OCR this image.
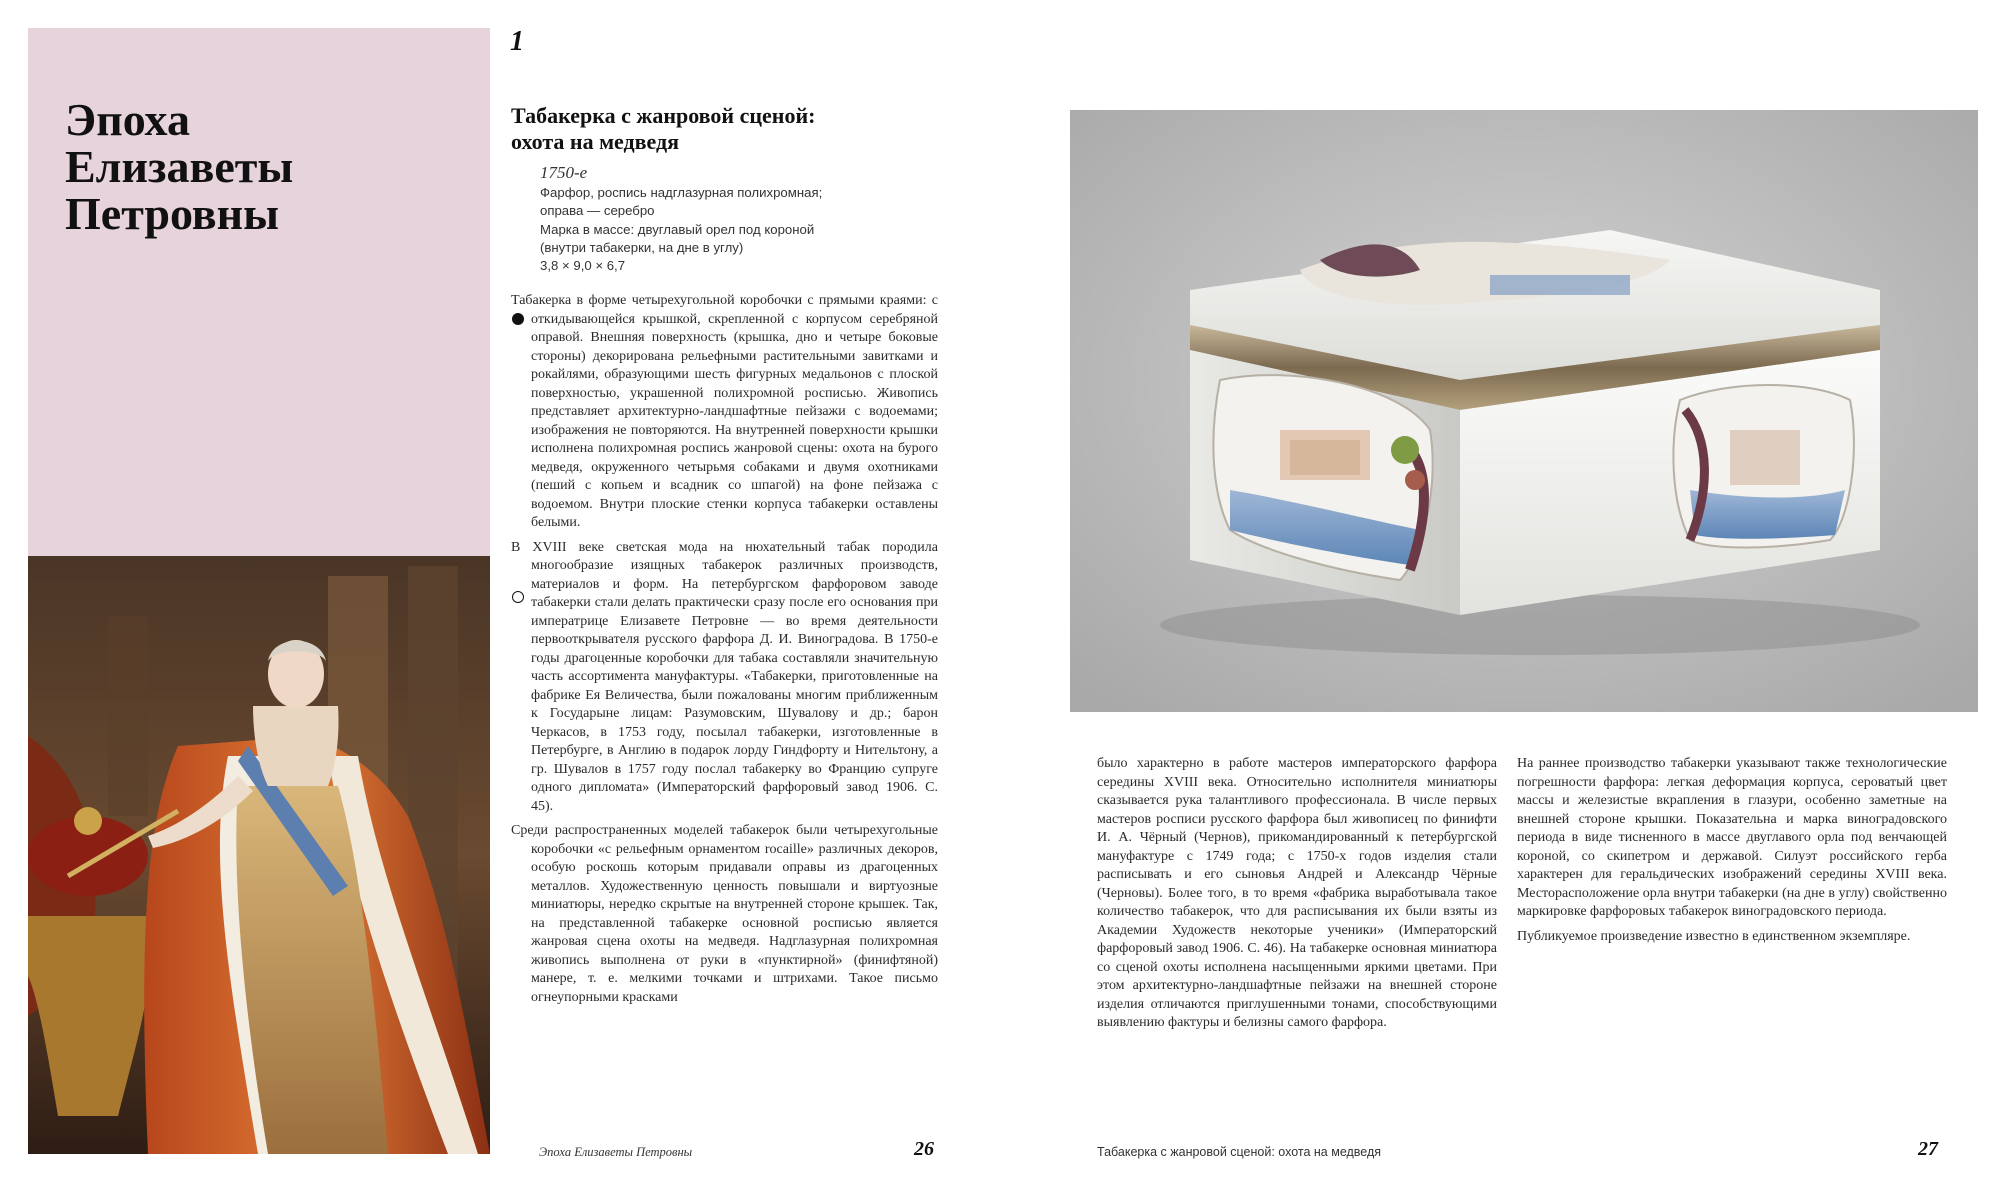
Эпоха
Елизаветы
Петровны
1
Табакерка с жанровой сценой:
охота на медведя
1750-е
Фарфор, роспись надглазурная полихромная;
оправа — серебро
Марка в массе: двуглавый орел под короной
(внутри табакерки, на дне в углу)
3,8 × 9,0 × 6,7

Табакерка в форме четырехугольной коробочки с прямыми краями: с откидывающейся крышкой, скрепленной с корпусом серебряной оправой. Внешняя поверхность (крышка, дно и четыре боковые стороны) декорирована рельефными растительными завитками и рокайлями, образующими шесть фигурных медальонов с плоской поверхностью, украшенной полихромной росписью. Живопись представляет архитектурно-ландшафтные пейзажи с водоемами; изображения не повторяются. На внутренней поверхности крышки исполнена полихромная роспись жанровой сцены: охота на бурого медведя, окруженного четырьмя собаками и двумя охотниками (пеший с копьем и всадник со шпагой) на фоне пейзажа с водоемом. Внутри плоские стенки корпуса табакерки оставлены белыми.

В XVIII веке светская мода на нюхательный табак породила многообразие изящных табакерок различных производств, материалов и форм. На петербургском фарфоровом заводе табакерки стали делать практически сразу после его основания при императрице Елизавете Петровне — во время деятельности первооткрывателя русского фарфора Д. И. Виноградова. В 1750-е годы драгоценные коробочки для табака составляли значительную часть ассортимента мануфактуры. «Табакерки, приготовленные на фабрике Ея Величества, были пожалованы многим приближенным к Государыне лицам: Разумовским, Шувалову и др.; барон Черкасов, в 1753 году, посылал табакерки, изготовленные в Петербурге, в Англию в подарок лорду Гиндфорту и Нительтону, а гр. Шувалов в 1757 году послал табакерку во Францию супруге одного дипломата» (Императорский фарфоровый завод 1906. С. 45).

Среди распространенных моделей табакерок были четырехугольные коробочки «с рельефным орнаментом rocaille» различных декоров, особую роскошь которым придавали оправы из драгоценных металлов. Художественную ценность повышали и виртуозные миниатюры, нередко скрытые на внутренней стороне крышек. Так, на представленной табакерке основной росписью является жанровая сцена охоты на медведя. Надглазурная полихромная живопись выполнена от руки в «пунктирной» (финифтяной) манере, т. е. мелкими точками и штрихами. Такое письмо огнеупорными красками

было характерно в работе мастеров императорского фарфора середины XVIII века. Относительно исполнителя миниатюры сказывается рука талантливого профессионала. В числе первых мастеров росписи русского фарфора был живописец по финифти И. А. Чёрный (Чернов), прикомандированный к петербургской мануфактуре с 1749 года; с 1750-х годов изделия стали расписывать и его сыновья Андрей и Александр Чёрные (Черновы). Более того, в то время «фабрика выработывала такое количество табакерок, что для расписывания их были взяты из Академии Художеств некоторые ученики» (Императорский фарфоровый завод 1906. С. 46). На табакерке основная миниатюра со сценой охоты исполнена насыщенными яркими цветами. При этом архитектурно-ландшафтные пейзажи на внешней стороне изделия отличаются приглушенными тонами, способствующими выявлению фактуры и белизны самого фарфора.

На раннее производство табакерки указывают также технологические погрешности фарфора: легкая деформация корпуса, сероватый цвет массы и железистые вкрапления в глазури, особенно заметные на внешней стороне крышки. Показательна и марка виноградовского периода в виде тисненного в массе двуглавого орла под венчающей короной, со скипетром и державой. Силуэт российского герба характерен для геральдических изображений середины XVIII века. Месторасположение орла внутри табакерки (на дне в углу) свойственно маркировке фарфоровых табакерок виноградовского периода.

Публикуемое произведение известно в единственном экземпляре.

Эпоха Елизаветы Петровны	26	Табакерка с жанровой сценой: охота на медведя	27
